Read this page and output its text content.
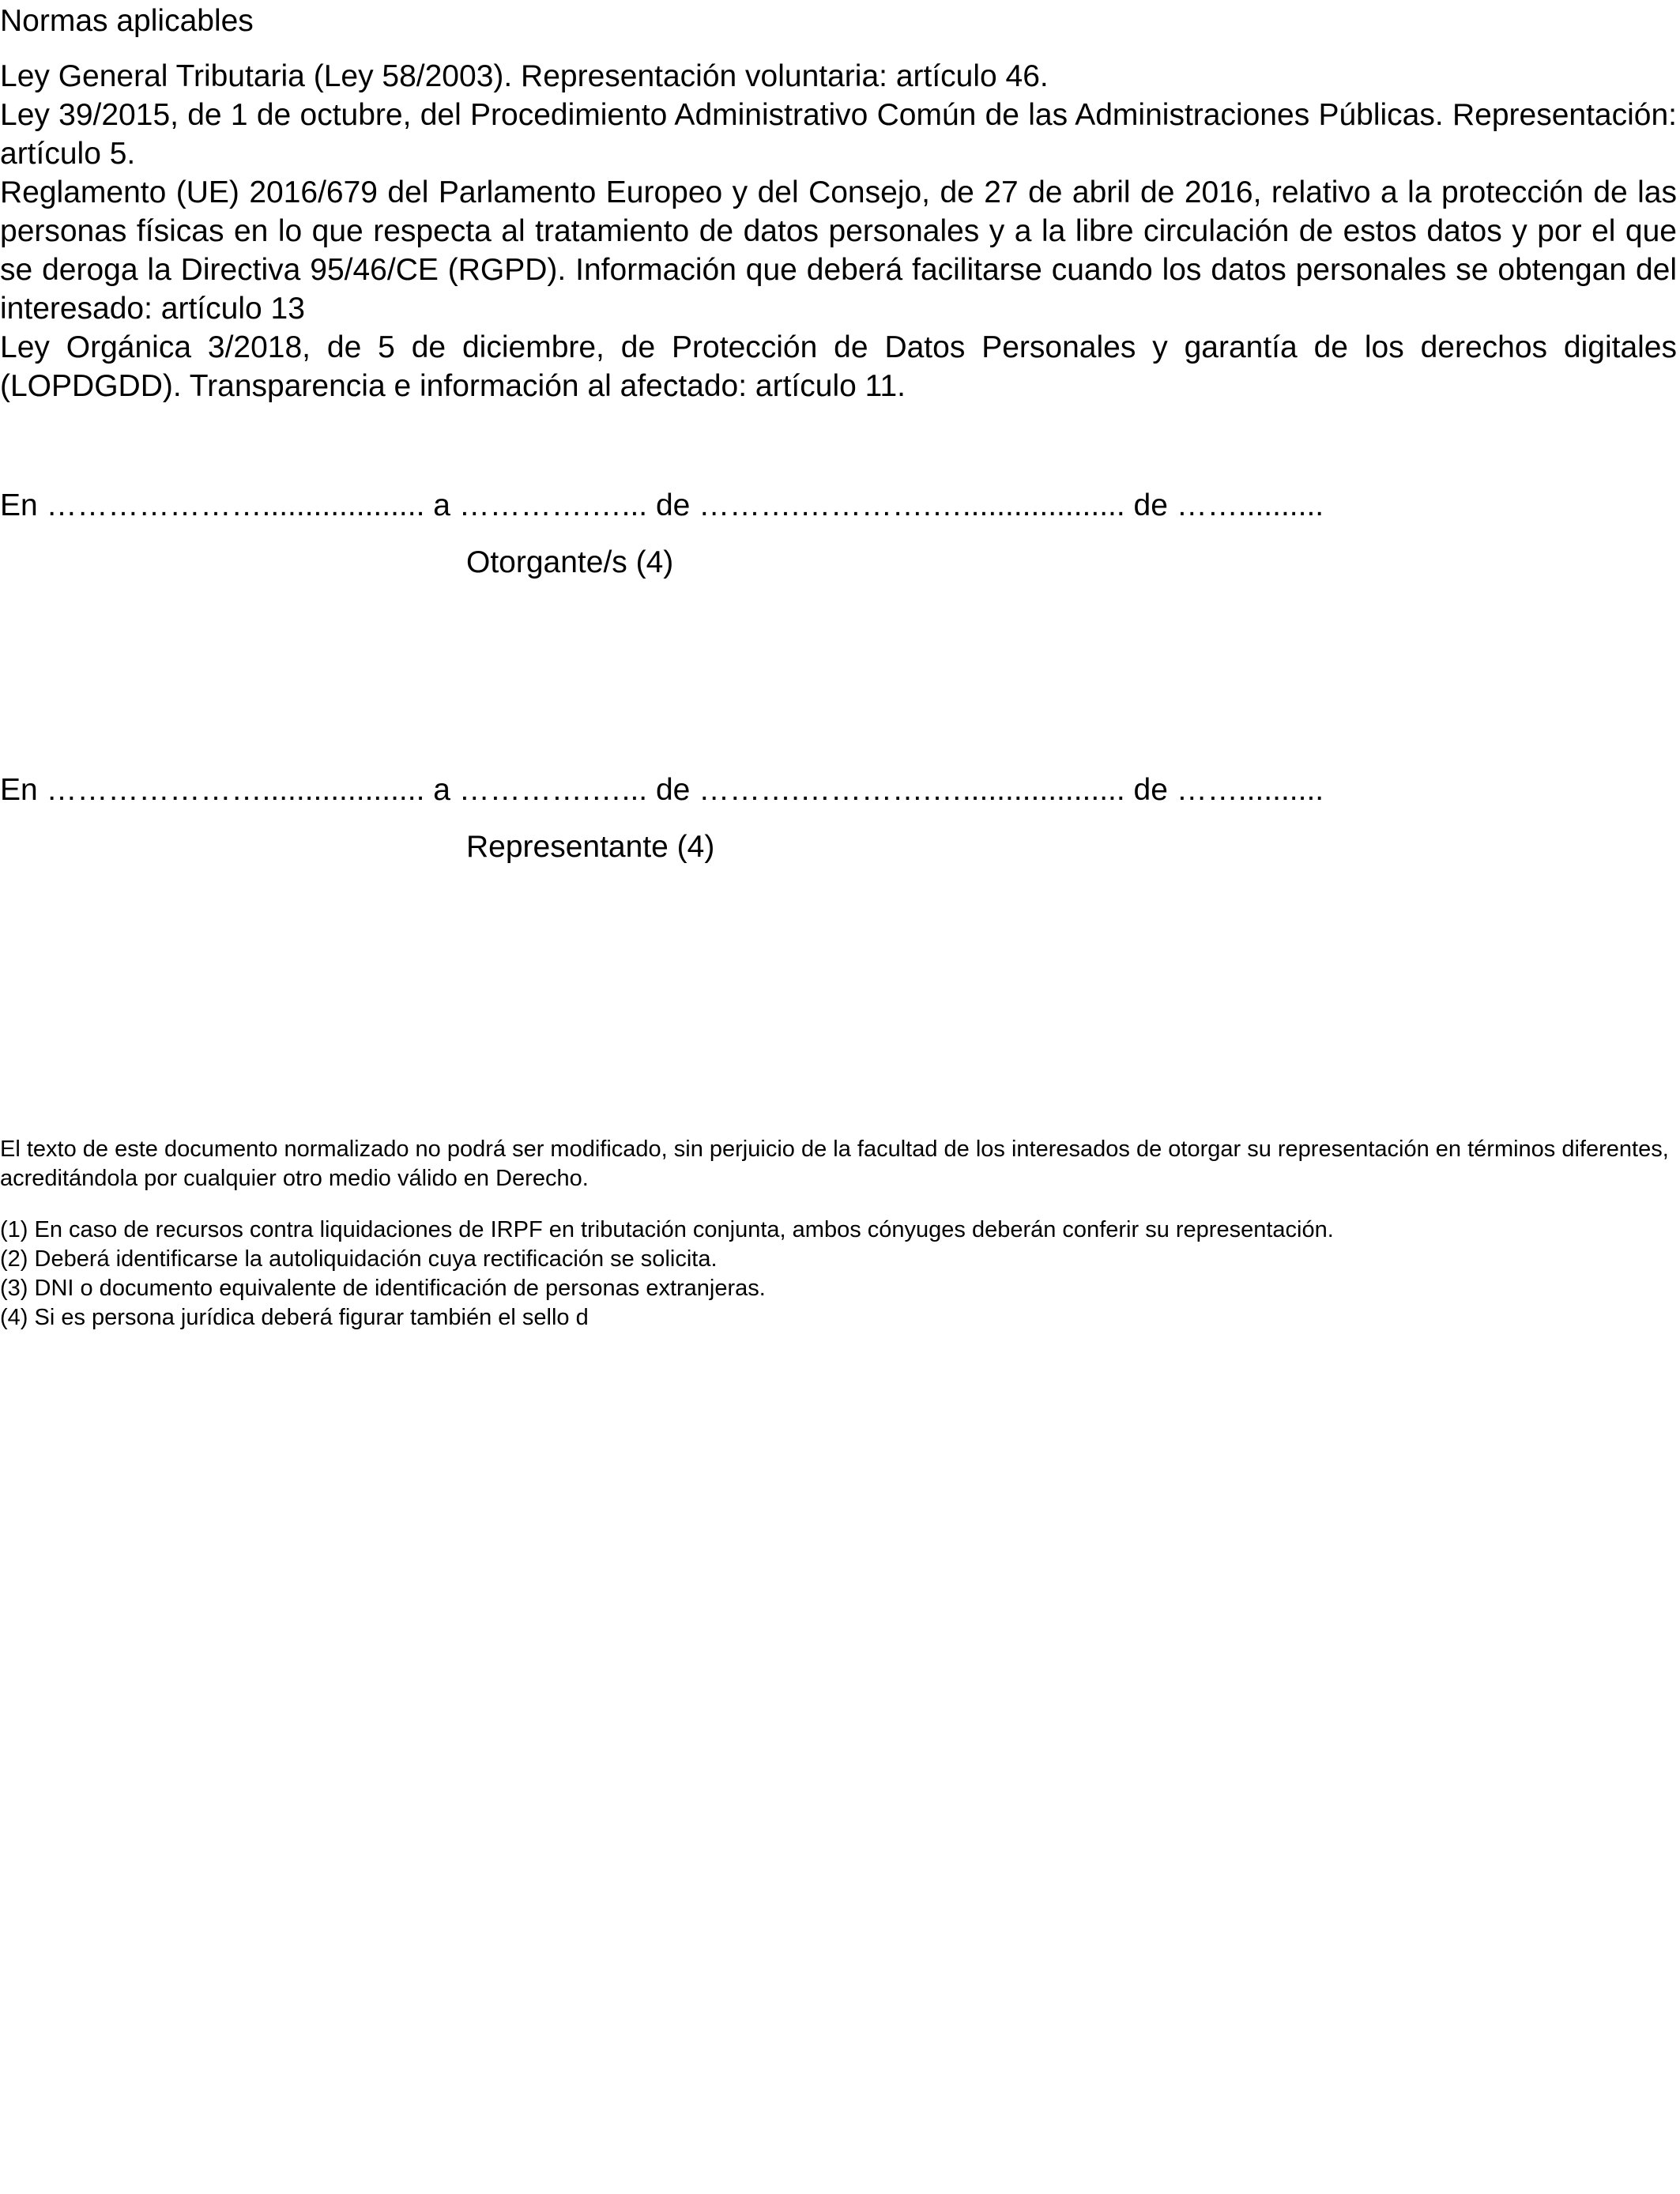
Normas aplicables

Ley General Tributaria (Ley 58/2003). Representación voluntaria: artículo 46.

Ley 39/2015, de 1 de octubre, del Procedimiento Administrativo Común de las Administraciones Públicas. Representación: artículo 5.

Reglamento (UE) 2016/679 del Parlamento Europeo y del Consejo, de 27 de abril de 2016, relativo a la protección de las personas físicas en lo que respecta al tratamiento de datos personales y a la libre circulación de estos datos y por el que se deroga la Directiva 95/46/CE (RGPD). Información que deberá facilitarse cuando los datos personales se obtengan del interesado: artículo 13

Ley Orgánica 3/2018, de 5 de diciembre, de Protección de Datos Personales y garantía de los derechos digitales (LOPDGDD). Transparencia e información al afectado: artículo 11.

En …………………................... a ………….…... de ……….………….…................... de ……..........

Otorgante/s (4)

En …………………................... a ………….…... de ……….………….…................... de ……..........

Representante (4)

El texto de este documento normalizado no podrá ser modificado, sin perjuicio de la facultad de los interesados de otorgar su representación en términos diferentes, acreditándola por cualquier otro medio válido en Derecho.

(1) En caso de recursos contra liquidaciones de IRPF en tributación conjunta, ambos cónyuges deberán conferir su representación.
(2) Deberá identificarse la autoliquidación cuya rectificación se solicita.
(3) DNI o documento equivalente de identificación de personas extranjeras.
(4) Si es persona jurídica deberá figurar también el sello d
